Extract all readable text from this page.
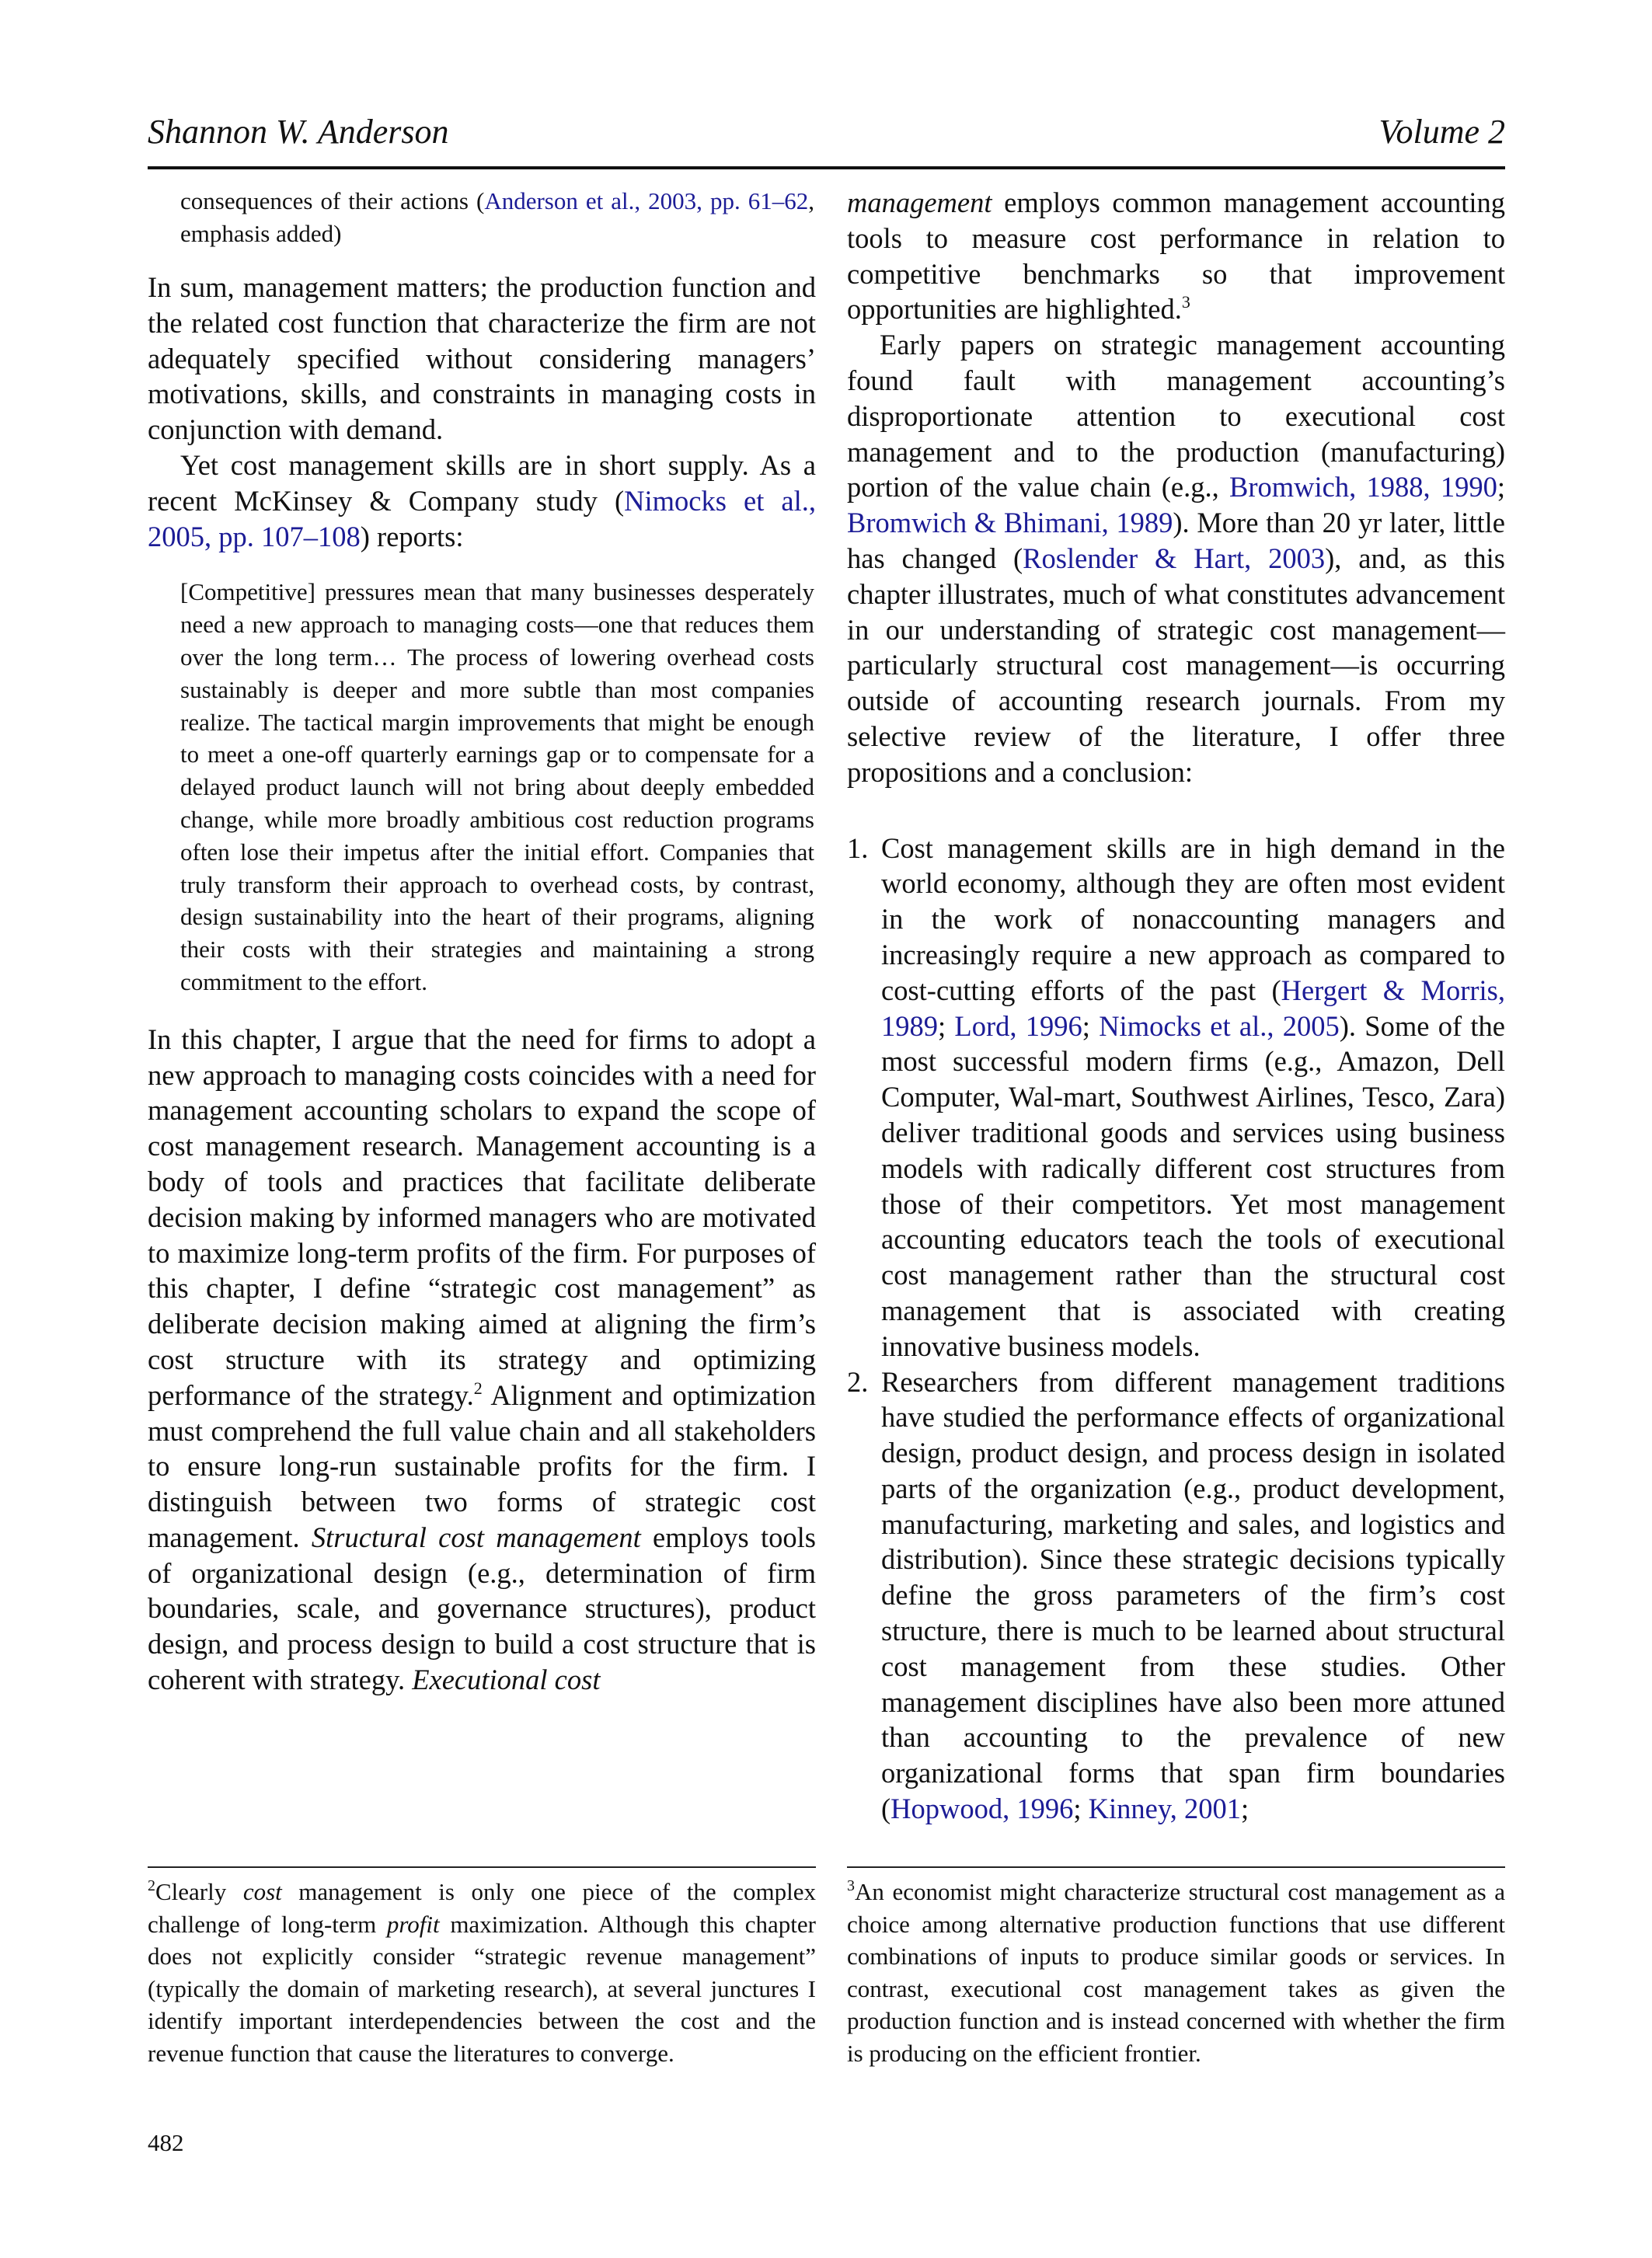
Shannon W. Anderson	Volume 2
consequences of their actions (Anderson et al., 2003, pp. 61–62, emphasis added)

In sum, management matters; the production function and the related cost function that characterize the firm are not adequately specified without considering managers’ motivations, skills, and constraints in managing costs in conjunction with demand.

Yet cost management skills are in short supply. As a recent McKinsey & Company study (Nimocks et al., 2005, pp. 107–108) reports:

[Competitive] pressures mean that many businesses desperately need a new approach to managing costs—one that reduces them over the long term… The process of lowering overhead costs sustainably is deeper and more subtle than most companies realize. The tactical margin improvements that might be enough to meet a one-off quarterly earnings gap or to compensate for a delayed product launch will not bring about deeply embedded change, while more broadly ambitious cost reduction programs often lose their impetus after the initial effort. Companies that truly transform their approach to overhead costs, by contrast, design sustainability into the heart of their programs, aligning their costs with their strategies and maintaining a strong commitment to the effort.

In this chapter, I argue that the need for firms to adopt a new approach to managing costs coincides with a need for management accounting scholars to expand the scope of cost management research. Management accounting is a body of tools and practices that facilitate deliberate decision making by informed managers who are motivated to maximize long-term profits of the firm. For purposes of this chapter, I define “strategic cost management” as deliberate decision making aimed at aligning the firm’s cost structure with its strategy and optimizing performance of the strategy.$^2$ Alignment and optimization must comprehend the full value chain and all stakeholders to ensure long-run sustainable profits for the firm. I distinguish between two forms of strategic cost management. Structural cost management employs tools of organizational design (e.g., determination of firm boundaries, scale, and governance structures), product design, and process design to build a cost structure that is coherent with strategy. Executional cost

management employs common management accounting tools to measure cost performance in relation to competitive benchmarks so that improvement opportunities are highlighted.$^3$

Early papers on strategic management accounting found fault with management accounting’s disproportionate attention to executional cost management and to the production (manufacturing) portion of the value chain (e.g., Bromwich, 1988, 1990; Bromwich & Bhimani, 1989). More than 20 yr later, little has changed (Roslender & Hart, 2003), and, as this chapter illustrates, much of what constitutes advancement in our understanding of strategic cost management—particularly structural cost management—is occurring outside of accounting research journals. From my selective review of the literature, I offer three propositions and a conclusion:

1. Cost management skills are in high demand in the world economy, although they are often most evident in the work of nonaccounting managers and increasingly require a new approach as compared to cost-cutting efforts of the past (Hergert & Morris, 1989; Lord, 1996; Nimocks et al., 2005). Some of the most successful modern firms (e.g., Amazon, Dell Computer, Wal-mart, Southwest Airlines, Tesco, Zara) deliver traditional goods and services using business models with radically different cost structures from those of their competitors. Yet most management accounting educators teach the tools of executional cost management rather than the structural cost management that is associated with creating innovative business models.
2. Researchers from different management traditions have studied the performance effects of organizational design, product design, and process design in isolated parts of the organization (e.g., product development, manufacturing, marketing and sales, and logistics and distribution). Since these strategic decisions typically define the gross parameters of the firm’s cost structure, there is much to be learned about structural cost management from these studies. Other management disciplines have also been more attuned than accounting to the prevalence of new organizational forms that span firm boundaries (Hopwood, 1996; Kinney, 2001;

$^2$Clearly cost management is only one piece of the complex challenge of long-term profit maximization. Although this chapter does not explicitly consider “strategic revenue management” (typically the domain of marketing research), at several junctures I identify important interdependencies between the cost and the revenue function that cause the literatures to converge.

$^3$An economist might characterize structural cost management as a choice among alternative production functions that use different combinations of inputs to produce similar goods or services. In contrast, executional cost management takes as given the production function and is instead concerned with whether the firm is producing on the efficient frontier.

482
